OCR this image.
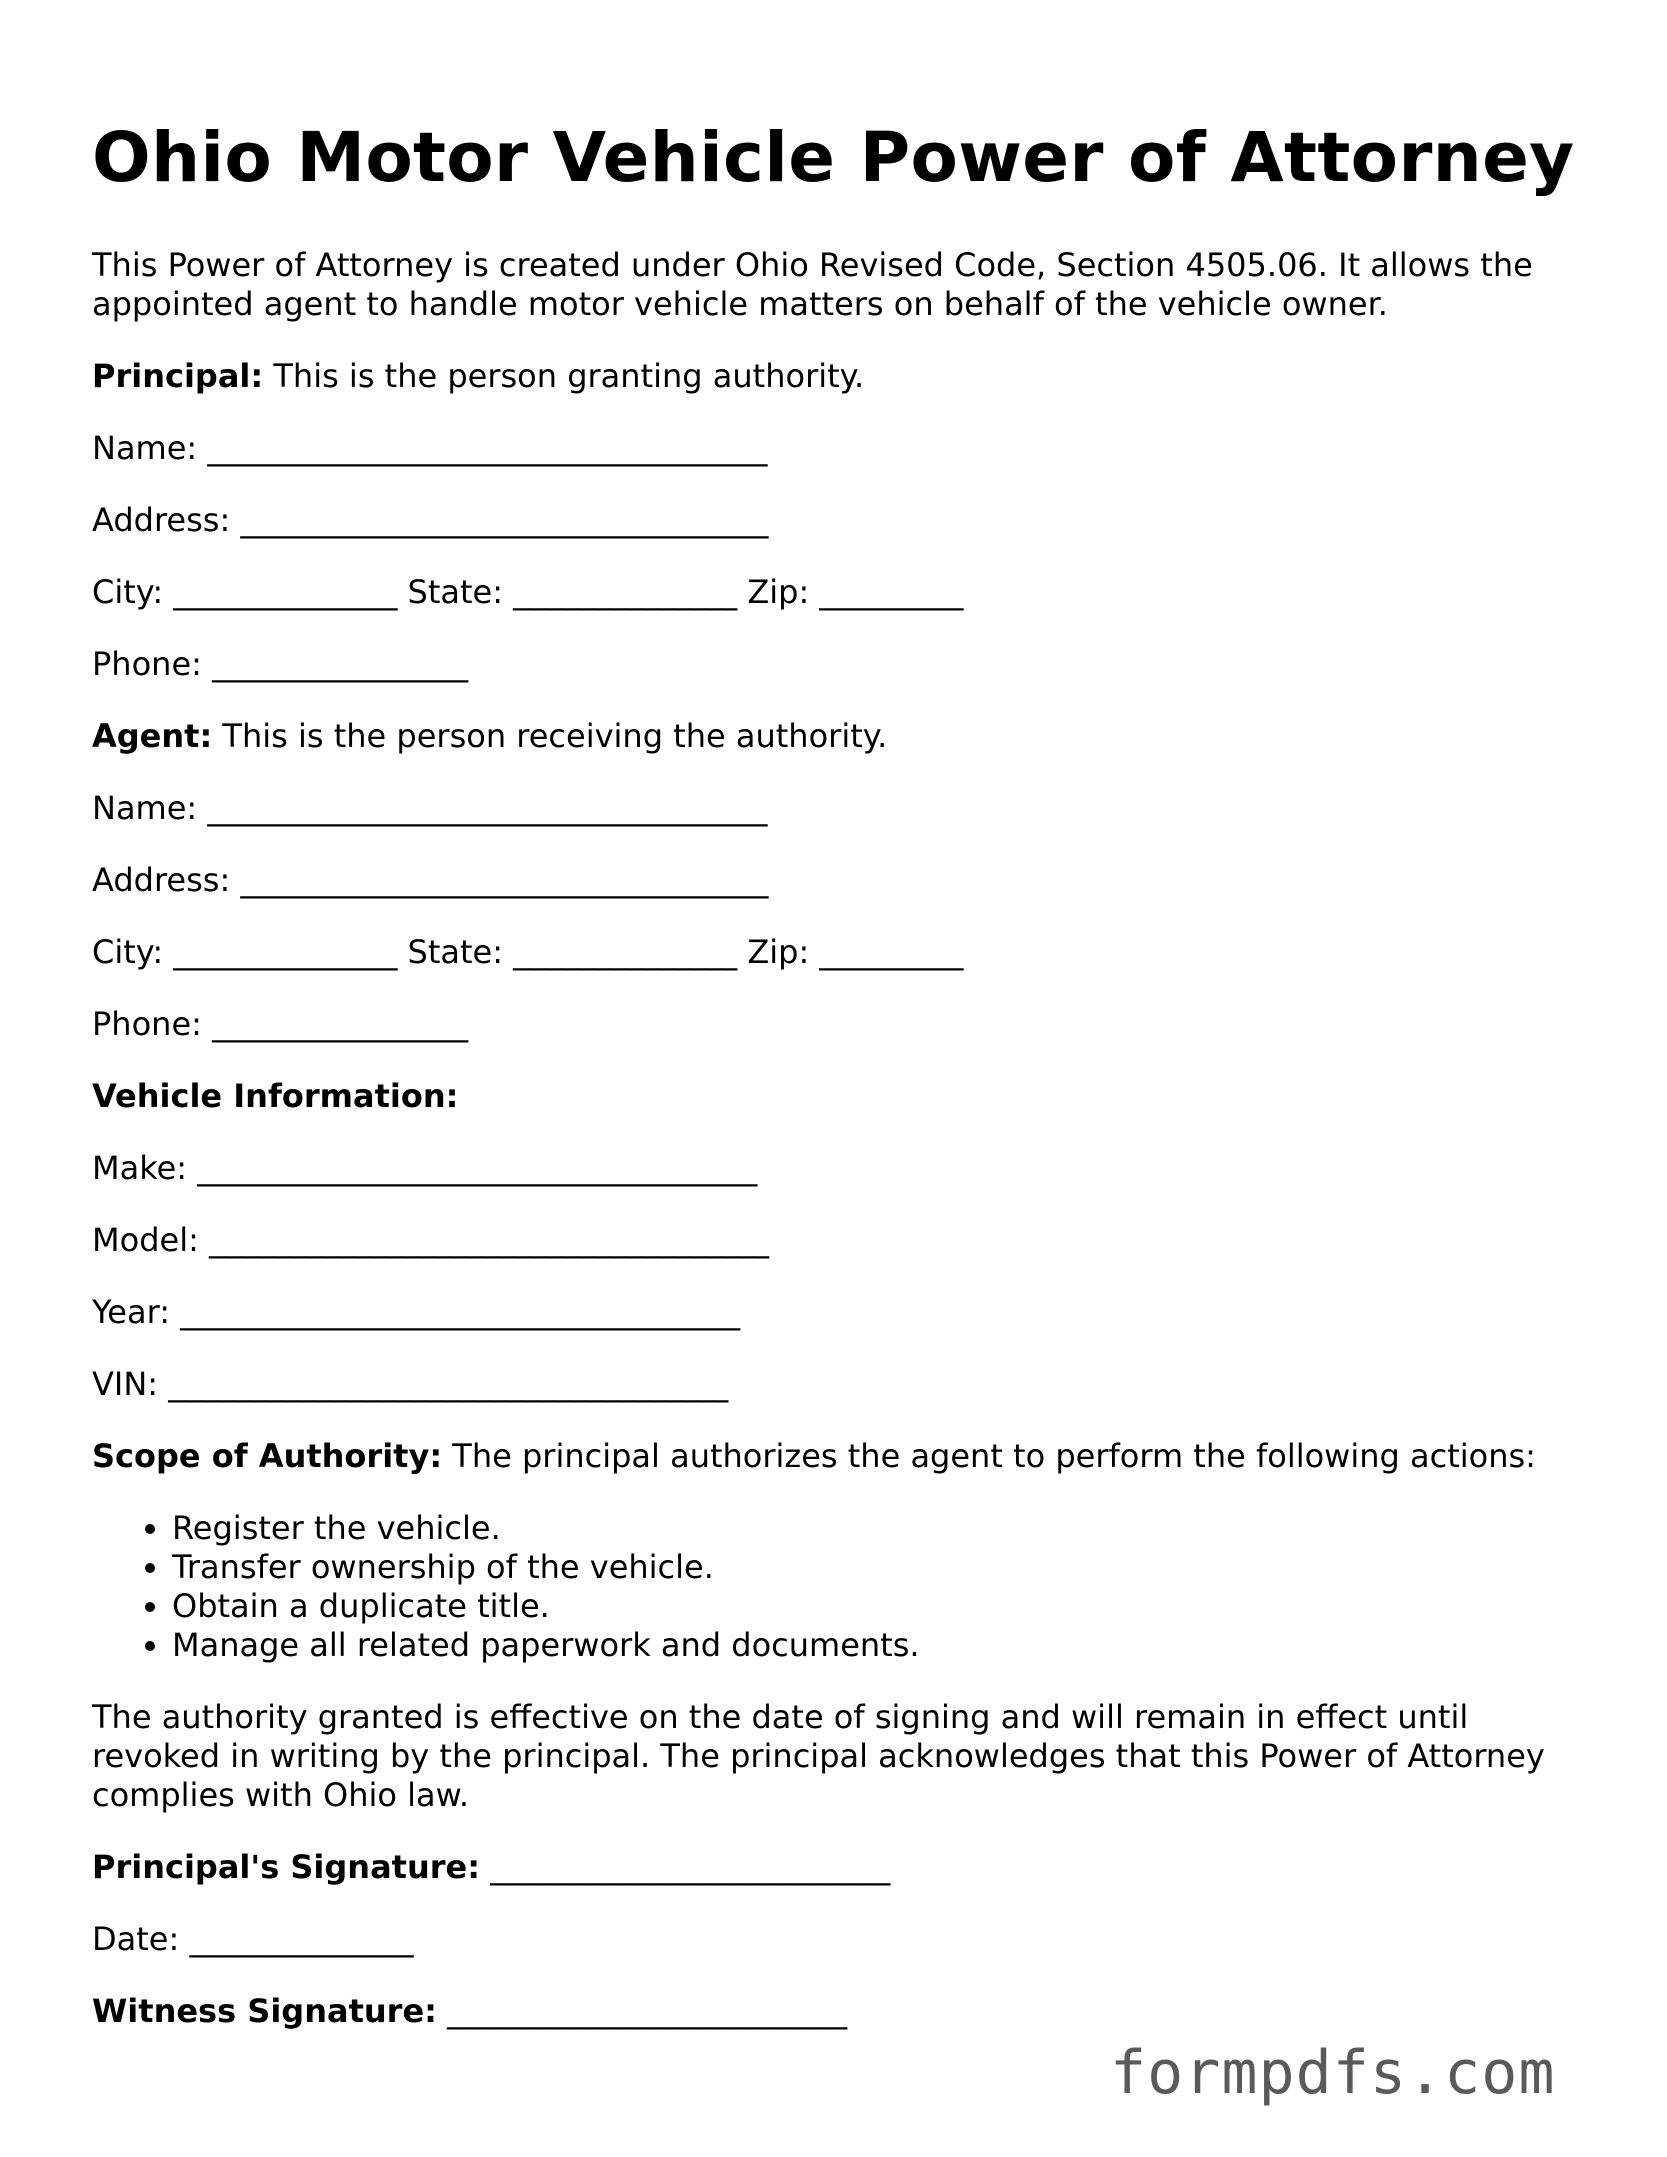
Ohio Motor Vehicle Power of Attorney

This Power of Attorney is created under Ohio Revised Code, Section 4505.06. It allows the appointed agent to handle motor vehicle matters on behalf of the vehicle owner.

Principal: This is the person granting authority.

Name: ___________________________________

Address: _________________________________

City: ______________ State: ______________ Zip: _________

Phone: ________________

Agent: This is the person receiving the authority.

Name: ___________________________________

Address: _________________________________

City: ______________ State: ______________ Zip: _________

Phone: ________________

Vehicle Information:

Make: ___________________________________

Model: ___________________________________

Year: ___________________________________

VIN: ___________________________________

Scope of Authority: The principal authorizes the agent to perform the following actions:

• Register the vehicle.
• Transfer ownership of the vehicle.
• Obtain a duplicate title.
• Manage all related paperwork and documents.

The authority granted is effective on the date of signing and will remain in effect until revoked in writing by the principal. The principal acknowledges that this Power of Attorney complies with Ohio law.

Principal's Signature: _________________________

Date: ______________

Witness Signature: _________________________

formpdfs.com
